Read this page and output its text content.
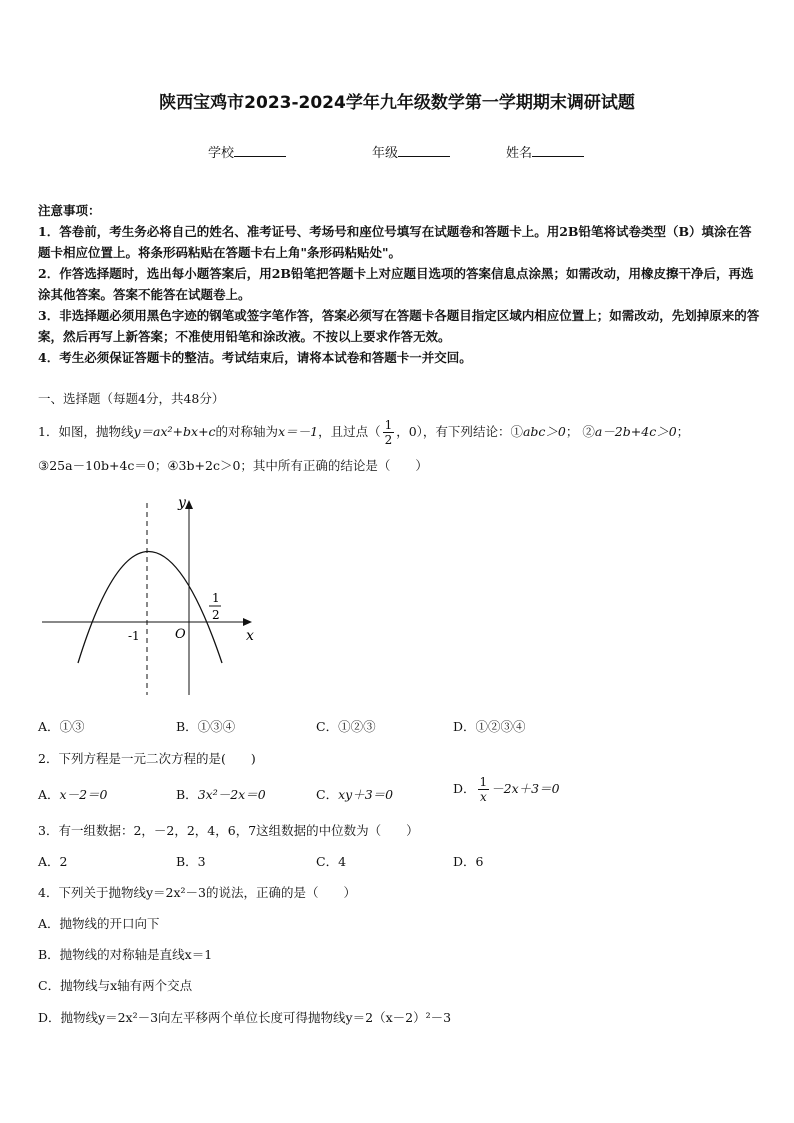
陕西宝鸡市2023-2024学年九年级数学第一学期期末调研试题
学校	年级	姓名
注意事项：
1．答卷前，考生务必将自己的姓名、准考证号、考场号和座位号填写在试题卷和答题卡上。用2B铅笔将试卷类型（B）填涂在答题卡相应位置上。将条形码粘贴在答题卡右上角"条形码粘贴处"。
2．作答选择题时，选出每小题答案后，用2B铅笔把答题卡上对应题目选项的答案信息点涂黑；如需改动，用橡皮擦干净后，再选涂其他答案。答案不能答在试题卷上。
3．非选择题必须用黑色字迹的钢笔或签字笔作答，答案必须写在答题卡各题目指定区域内相应位置上；如需改动，先划掉原来的答案，然后再写上新答案；不准使用铅笔和涂改液。不按以上要求作答无效。
4．考生必须保证答题卡的整洁。考试结束后，请将本试卷和答题卡一并交回。
一、选择题（每题4分，共48分）
1．如图，抛物线y＝ax²+bx+c的对称轴为x＝－1，且过点（ $\frac{1}{2}$ ，0），有下列结论：①abc＞0； ②a－2b+4c＞0；
③25a－10b+4c＝0；④3b+2c＞0；其中所有正确的结论是（　　）
y
x
O
-1
1
2
A．①③	B．①③④	C．①②③	D．①②③④
2．下列方程是一元二次方程的是(　　)
A．x－2＝0	B．3x²－2x＝0	C．xy＋3＝0	D． $\frac{1}{x} -2x+3=0$
3．有一组数据：2，－2，2，4，6，7这组数据的中位数为（　　）
A．2	B．3	C．4	D．6
4．下列关于抛物线y＝2x²－3的说法，正确的是（　　）
A．抛物线的开口向下
B．抛物线的对称轴是直线x＝1
C．抛物线与x轴有两个交点
D．抛物线y＝2x²－3向左平移两个单位长度可得抛物线y＝2（x－2）²－3
